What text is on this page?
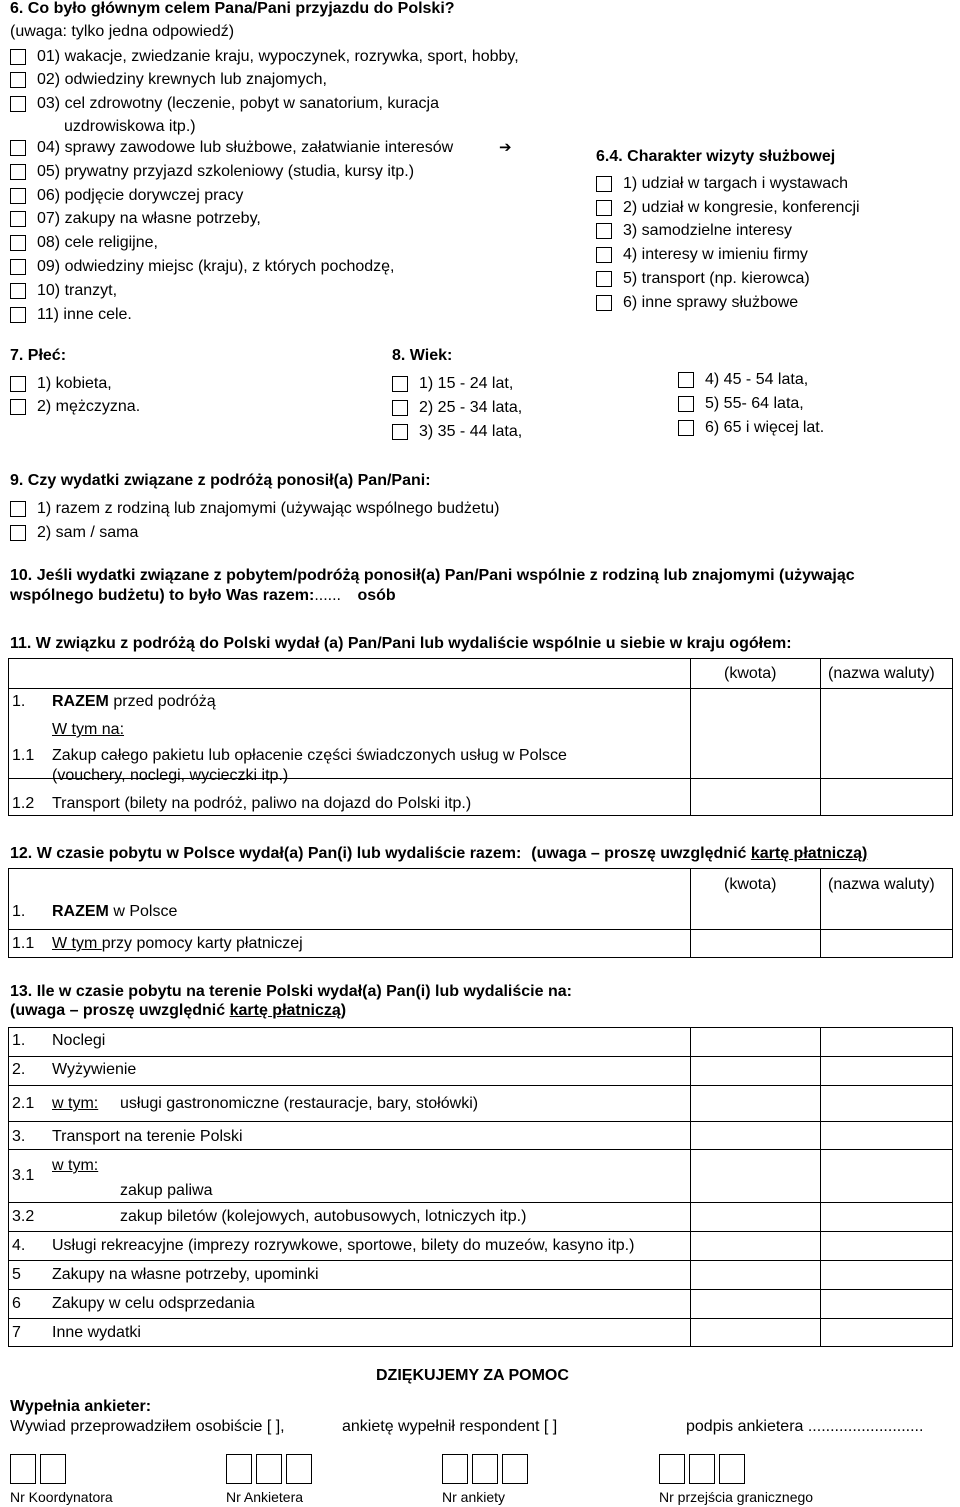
6. Co było głównym celem Pana/Pani przyjazdu do Polski?
(uwaga: tylko jedna odpowiedź)
01) wakacje, zwiedzanie kraju, wypoczynek, rozrywka, sport, hobby,
02) odwiedziny krewnych lub znajomych,
03) cel zdrowotny (leczenie, pobyt w sanatorium, kuracja
uzdrowiskowa itp.)
04) sprawy zawodowe lub służbowe, załatwianie interesów	➔
05) prywatny przyjazd szkoleniowy (studia, kursy itp.)
06) podjęcie dorywczej pracy
07) zakupy na własne potrzeby,
08) cele religijne,
09) odwiedziny miejsc (kraju), z których pochodzę,
10) tranzyt,
11) inne cele.
6.4. Charakter wizyty służbowej
1) udział w targach i wystawach
2) udział w kongresie, konferencji
3) samodzielne interesy
4) interesy w imieniu firmy
5) transport (np. kierowca)
6) inne sprawy służbowe
7. Płeć:
1) kobieta,
2) mężczyzna.
8. Wiek:
1) 15 - 24 lat,
2) 25 - 34 lata,
3) 35 - 44 lata,
4) 45 - 54 lata,
5) 55- 64 lata,
6) 65 i więcej lat.
9. Czy wydatki związane z podróżą ponosił(a) Pan/Pani:
1) razem z rodziną lub znajomymi (używając wspólnego budżetu)
2) sam / sama
10. Jeśli wydatki związane z pobytem/podróżą ponosił(a) Pan/Pani wspólnie z rodziną lub znajomymi (używając
wspólnego budżetu) to było Was razem:...... osób
11. W związku z podróżą do Polski wydał (a) Pan/Pani lub wydaliście wspólnie u siebie w kraju ogółem:
(kwota)	(nazwa waluty)
1. RAZEM przed podróżą
W tym na:
1.1 Zakup całego pakietu lub opłacenie części świadczonych usług w Polsce
(vouchery, noclegi, wycieczki itp.)
1.2 Transport (bilety na podróż, paliwo na dojazd do Polski itp.)
12. W czasie pobytu w Polsce wydał(a) Pan(i) lub wydaliście razem: (uwaga – proszę uwzględnić kartę płatniczą)
(kwota)	(nazwa waluty)
1. RAZEM w Polsce
1.1 W tym przy pomocy karty płatniczej
13. Ile w czasie pobytu na terenie Polski wydał(a) Pan(i) lub wydaliście na:
(uwaga – proszę uwzględnić kartę płatniczą)
1. Noclegi
2. Wyżywienie
2.1 w tym: usługi gastronomiczne (restauracje, bary, stołówki)
3. Transport na terenie Polski
3.1
w tym:
zakup paliwa
3.2	zakup biletów (kolejowych, autobusowych, lotniczych itp.)
4. Usługi rekreacyjne (imprezy rozrywkowe, sportowe, bilety do muzeów, kasyno itp.)
5 Zakupy na własne potrzeby, upominki
6 Zakupy w celu odsprzedania
7 Inne wydatki
DZIĘKUJEMY ZA POMOC
Wypełnia ankieter:
Wywiad przeprowadziłem osobiście [ ],	ankietę wypełnił respondent [ ]	podpis ankietera ..........................
Nr Koordynatora	Nr Ankietera	Nr ankiety	Nr przejścia granicznego
